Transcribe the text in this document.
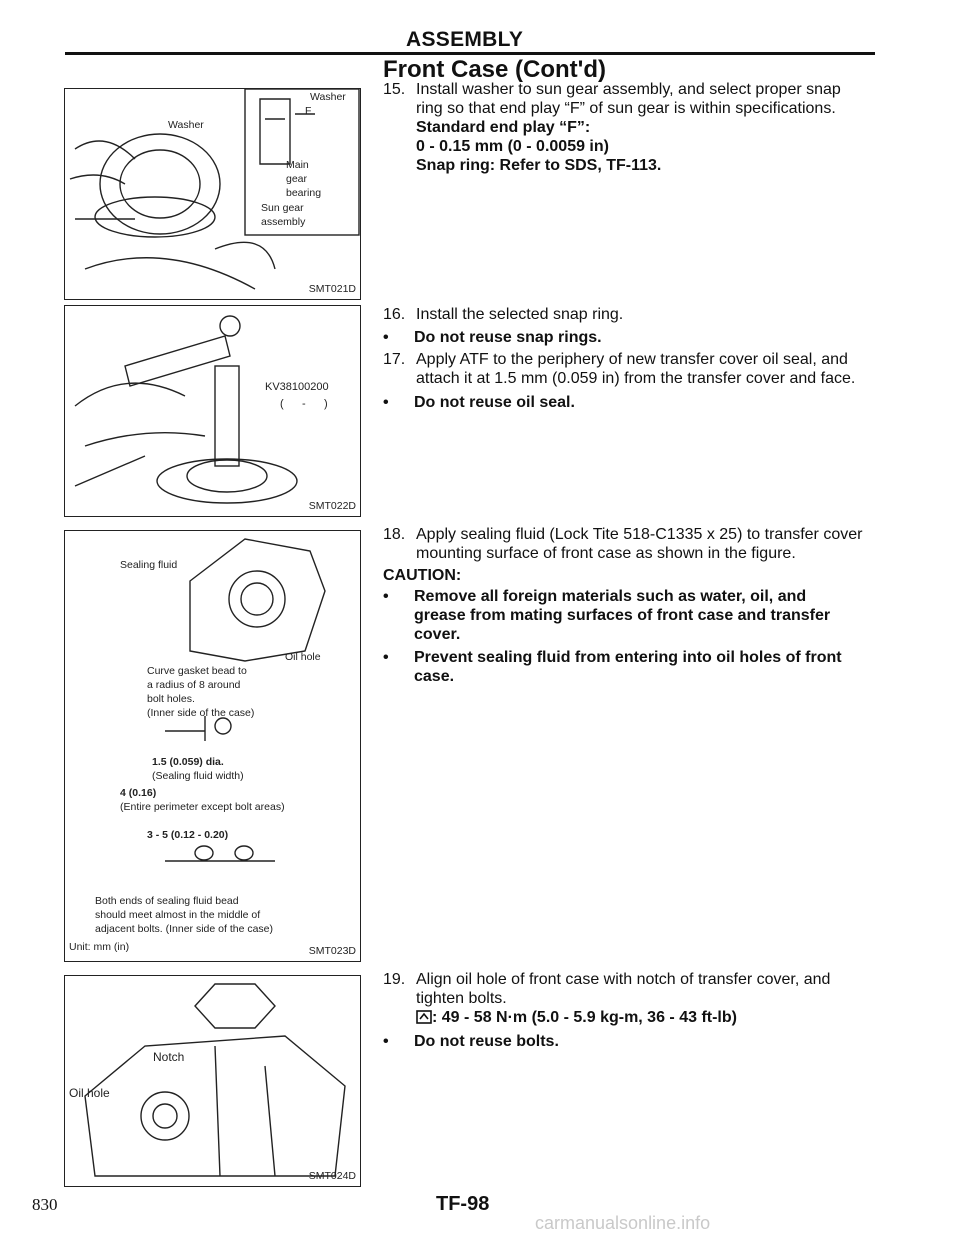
ASSEMBLY
Front Case (Cont'd)
Washer
Washer
F
Main
gear
bearing
Sun gear
assembly
SMT021D
KV38100200
(      -      )
SMT022D
Sealing fluid
Oil hole
Curve gasket bead to
a radius of 8 around
bolt holes.
(Inner side of the case)
1.5 (0.059) dia.
(Sealing fluid width)
4 (0.16)
(Entire perimeter except bolt areas)
3 - 5 (0.12 - 0.20)
Both ends of sealing fluid bead
should meet almost in the middle of
adjacent bolts. (Inner side of the case)
Unit: mm (in)	SMT023D
Notch
Oil hole
SMT024D
15. Install washer to sun gear assembly, and select proper snap
ring so that end play “F” of sun gear is within specifications.
Standard end play “F”:
0 - 0.15 mm (0 - 0.0059 in)
Snap ring: Refer to SDS, TF-113.
16. Install the selected snap ring.
• Do not reuse snap rings.
17. Apply ATF to the periphery of new transfer cover oil seal, and
attach it at 1.5 mm (0.059 in) from the transfer cover and face.
• Do not reuse oil seal.
18. Apply sealing fluid (Lock Tite 518-C1335 x 25) to transfer cover
mounting surface of front case as shown in the figure.
CAUTION:
• Remove all foreign materials such as water, oil, and
grease from mating surfaces of front case and transfer
cover.
• Prevent sealing fluid from entering into oil holes of front
case.
19. Align oil hole of front case with notch of transfer cover, and
tighten bolts.
: 49 - 58 N·m (5.0 - 5.9 kg-m, 36 - 43 ft-lb)
• Do not reuse bolts.
830	TF-98
carmanualsonline.info
